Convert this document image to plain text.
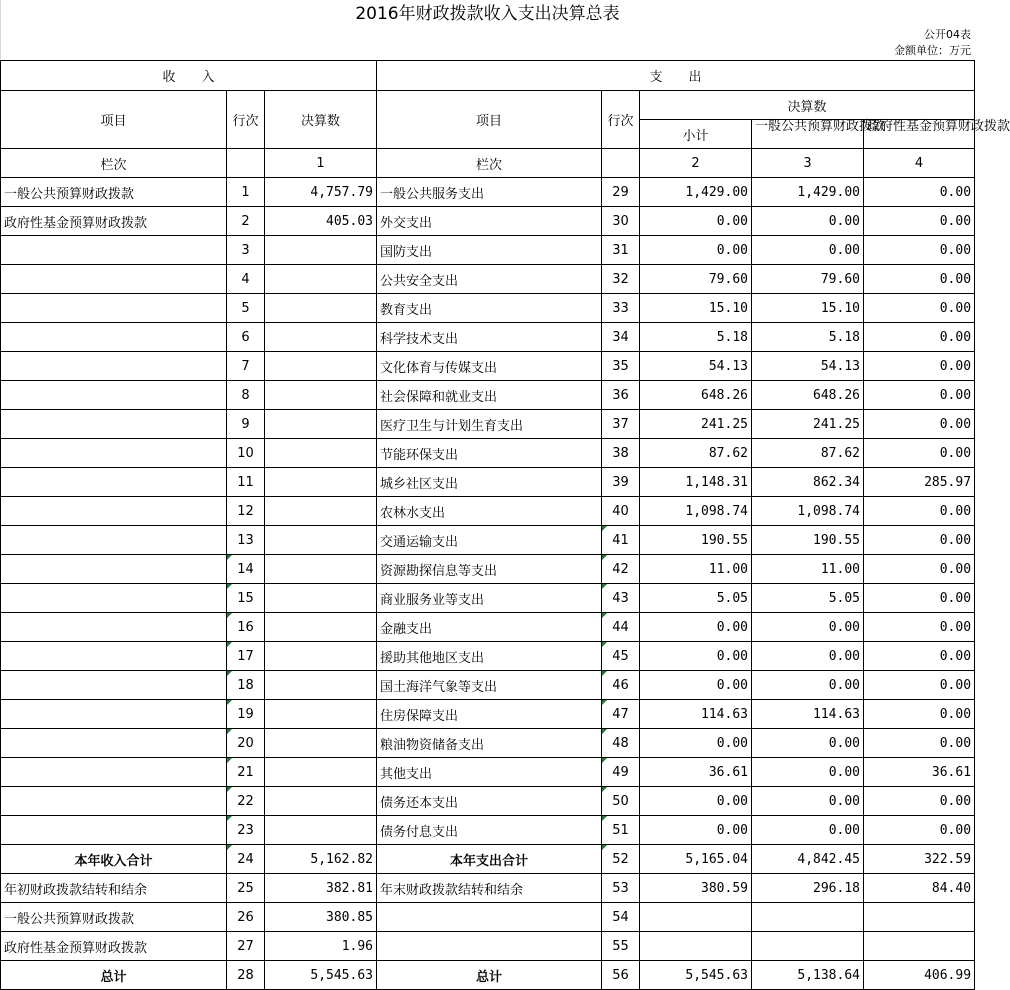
2016年财政拨款收入支出决算总表
公开04表
金额单位：万元
收　　入			支　　出				
项目	行次	决算数	项目	行次	决算数		
					小计	一般公共预算财政拨款	政府性基金预算财政拨款
栏次		1	栏次		2	3	4
一般公共预算财政拨款	1	4,757.79	一般公共服务支出	29	1,429.00	1,429.00	0.00
政府性基金预算财政拨款	2	405.03	外交支出	30	0.00	0.00	0.00
	3		国防支出	31	0.00	0.00	0.00
	4		公共安全支出	32	79.60	79.60	0.00
	5		教育支出	33	15.10	15.10	0.00
	6		科学技术支出	34	5.18	5.18	0.00
	7		文化体育与传媒支出	35	54.13	54.13	0.00
	8		社会保障和就业支出	36	648.26	648.26	0.00
	9		医疗卫生与计划生育支出	37	241.25	241.25	0.00
	10		节能环保支出	38	87.62	87.62	0.00
	11		城乡社区支出	39	1,148.31	862.34	285.97
	12		农林水支出	40	1,098.74	1,098.74	0.00
	13		交通运输支出	41	190.55	190.55	0.00
	14		资源勘探信息等支出	42	11.00	11.00	0.00
	15		商业服务业等支出	43	5.05	5.05	0.00
	16		金融支出	44	0.00	0.00	0.00
	17		援助其他地区支出	45	0.00	0.00	0.00
	18		国土海洋气象等支出	46	0.00	0.00	0.00
	19		住房保障支出	47	114.63	114.63	0.00
	20		粮油物资储备支出	48	0.00	0.00	0.00
	21		其他支出	49	36.61	0.00	36.61
	22		债务还本支出	50	0.00	0.00	0.00
	23		债务付息支出	51	0.00	0.00	0.00
本年收入合计	24	5,162.82	本年支出合计	52	5,165.04	4,842.45	322.59
年初财政拨款结转和结余	25	382.81	年末财政拨款结转和结余	53	380.59	296.18	84.40
一般公共预算财政拨款	26	380.85		54			
政府性基金预算财政拨款	27	1.96		55			
总计	28	5,545.63	总计	56	5,545.63	5,138.64	406.99
